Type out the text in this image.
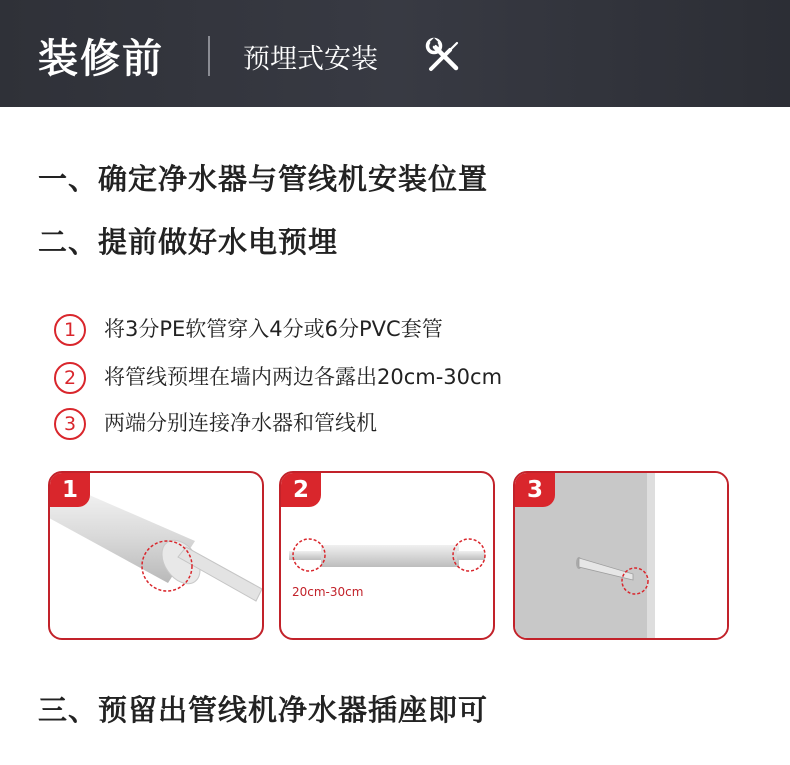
装修前	预埋式安装
一、确定净水器与管线机安装位置
二、提前做好水电预埋
1	将3分PE软管穿入4分或6分PVC套管
2	将管线预埋在墙内两边各露出20cm-30cm
3	两端分别连接净水器和管线机
1	2
20cm-30cm
3
三、预留出管线机净水器插座即可
